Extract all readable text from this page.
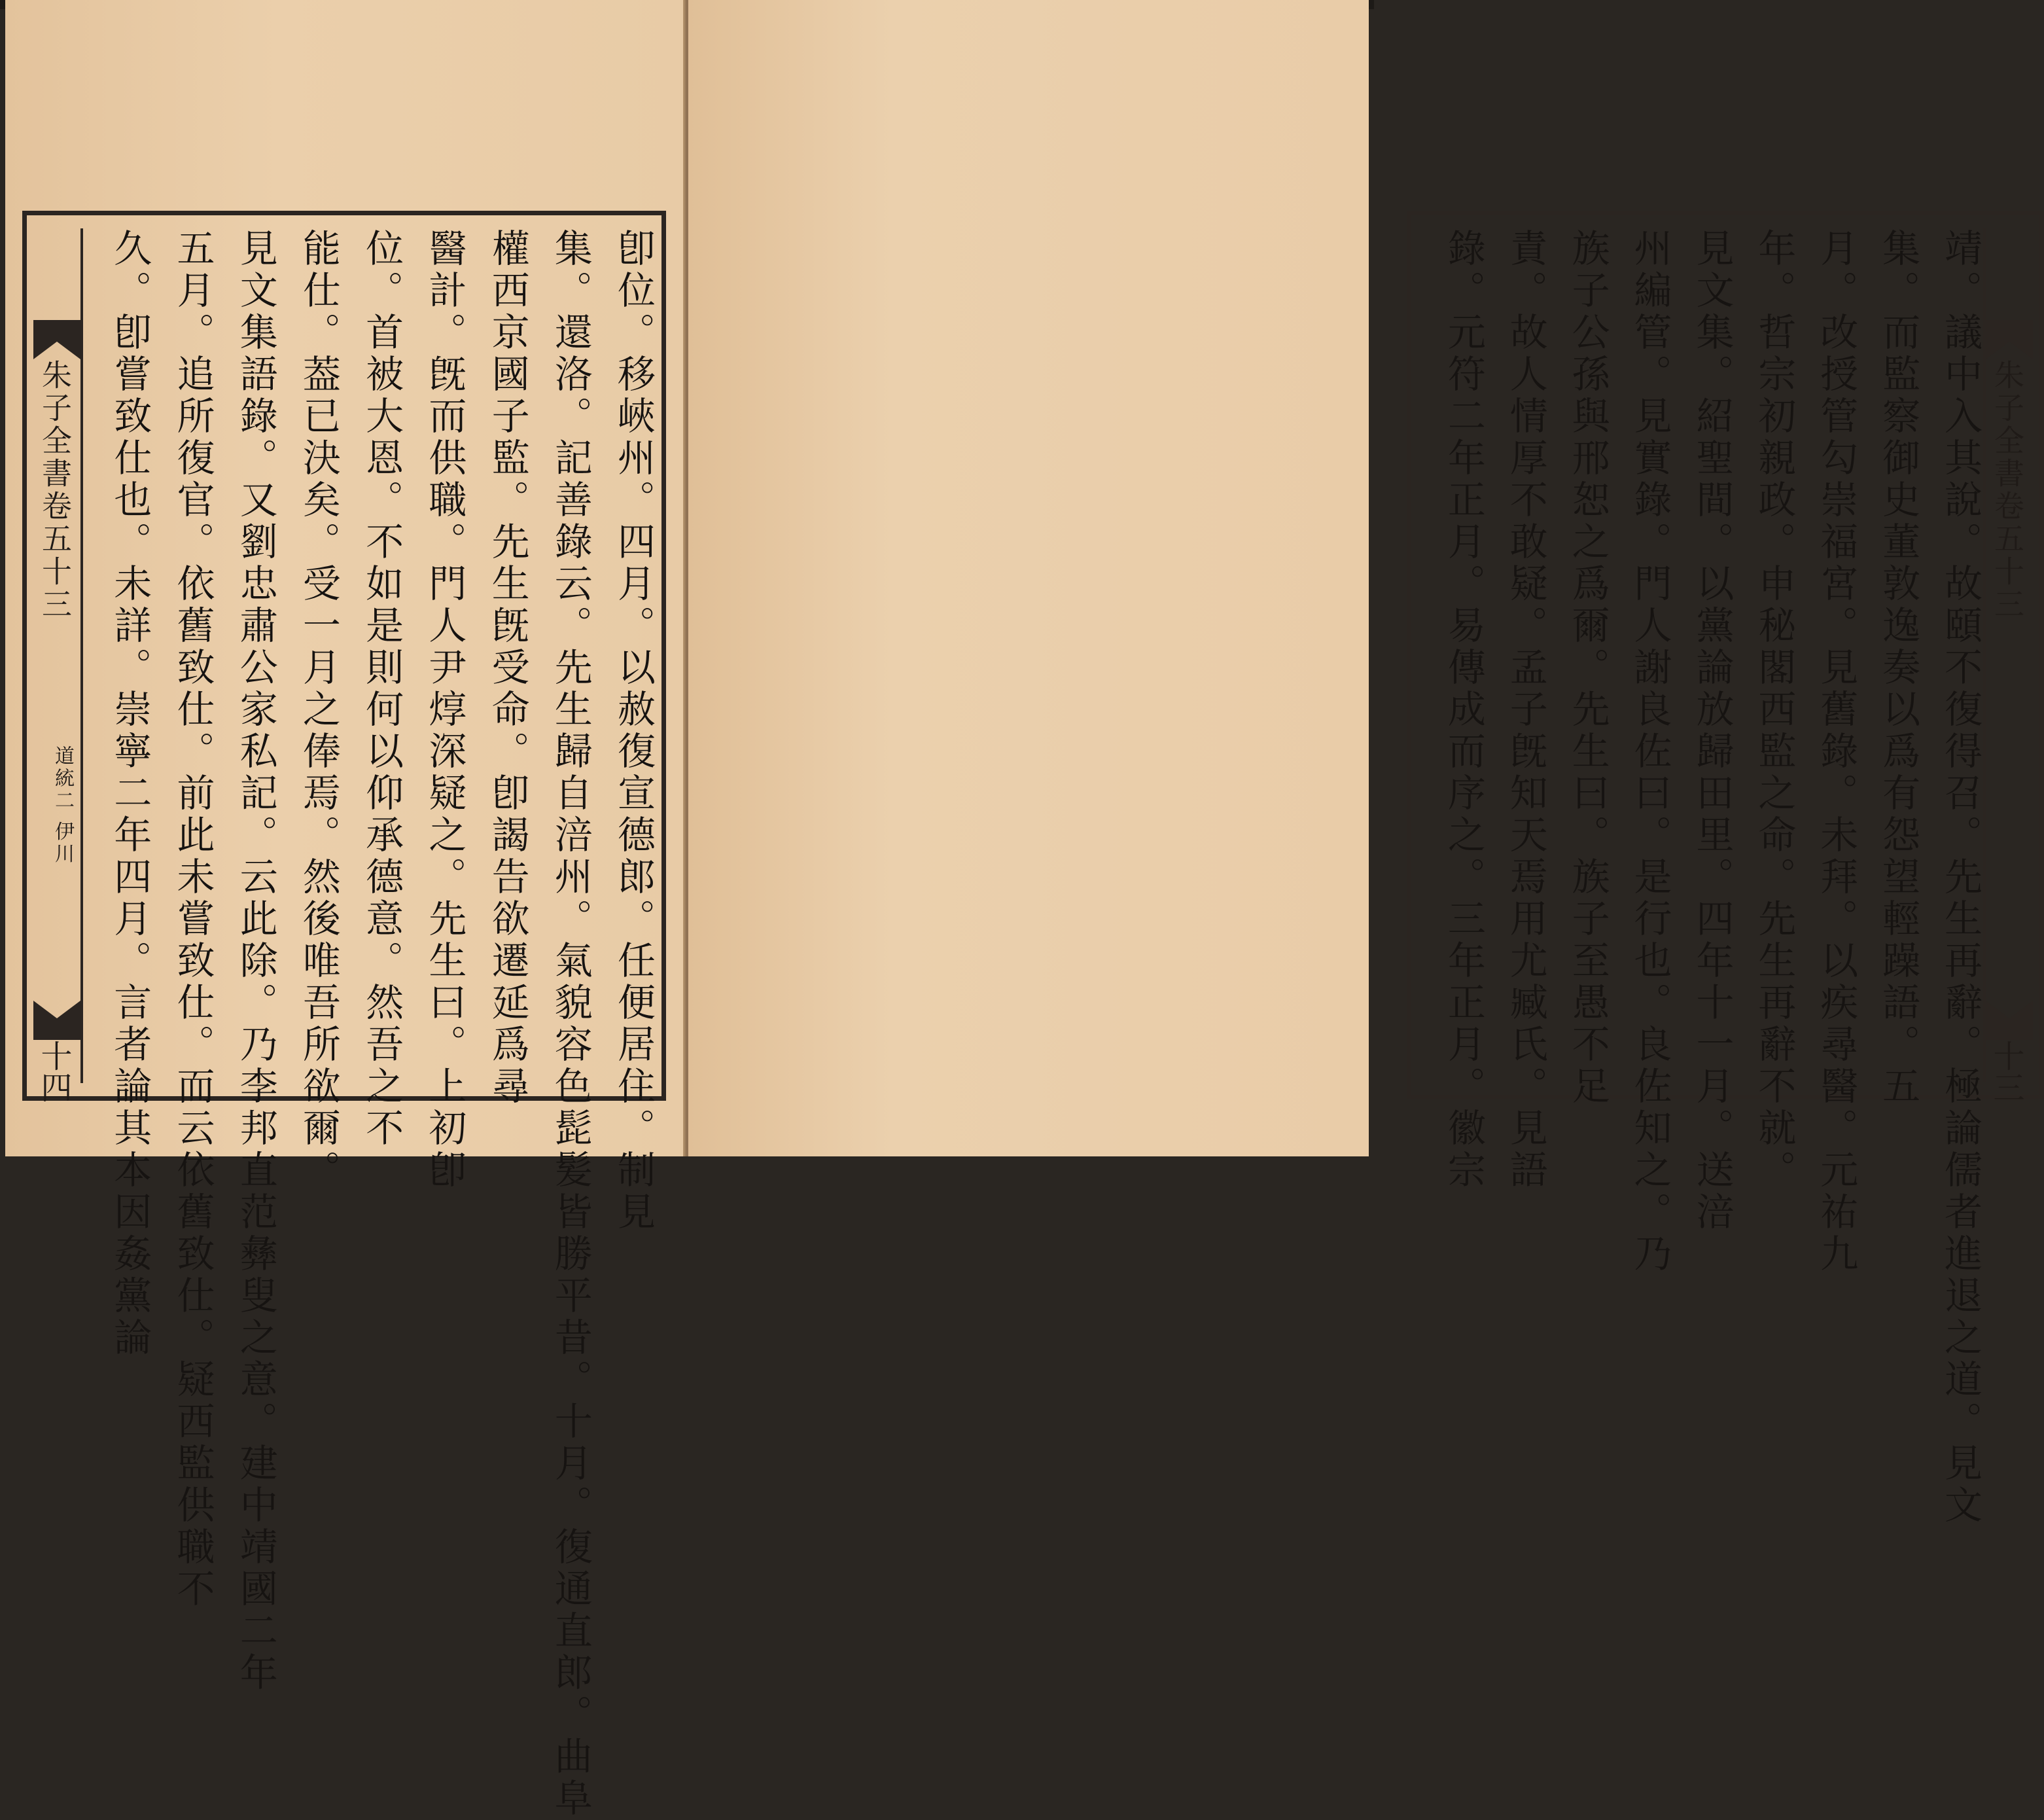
卽位。移峽州。四月。以赦復宣德郎。任便居住。制見
集。還洛。記善錄云。先生歸自涪州。氣貌容色髭髪皆勝平昔。十月。復通直郎。曲阜
權西京國子監。先生旣受命。卽謁告欲遷延爲尋
醫計。旣而供職。門人尹焞深疑之。先生曰。上初卽
位。首被大恩。不如是則何以仰承德意。然吾之不
能仕。葢已決矣。受一月之俸焉。然後唯吾所欲爾。
見文集語錄。又劉忠肅公家私記。云此除。乃李邦直范彝叟之意。建中靖國二年
五月。追所復官。依舊致仕。前此未嘗致仕。而云依舊致仕。疑西監供職不
久。卽嘗致仕也。未詳。崇寧二年四月。言者論其本因姦黨論
朱子全書卷五十三
道統二 伊川
十四	靖。議中入其說。故頤不復得召。先生再辭。極論儒者進退之道。見文
集。而監察御史董敦逸奏以爲有怨望輕躁語。五
月。改授管勾崇福宮。見舊錄。未拜。以疾尋醫。元祐九
年。哲宗初親政。申秘閣西監之命。先生再辭不就。
見文集。紹聖間。以黨論放歸田里。四年十一月。送涪
州編管。見實錄。門人謝良佐曰。是行也。良佐知之。乃
族子公孫與邢恕之爲爾。先生曰。族子至愚不足
責。故人情厚不敢疑。孟子旣知天焉用尤臧氏。見語
錄。元符二年正月。易傳成而序之。三年正月。徽宗	朱子全書卷五十三
十三
